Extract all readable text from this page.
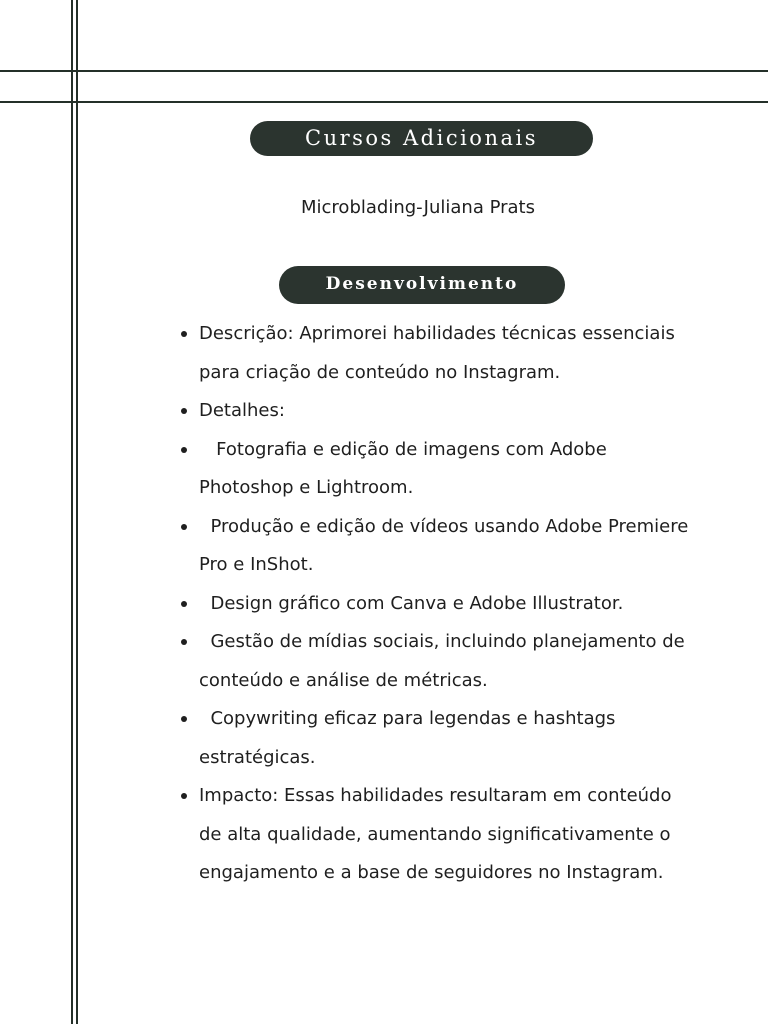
Cursos Adicionais
Microblading-Juliana Prats
Desenvolvimento
Descrição: Aprimorei habilidades técnicas essenciais para criação de conteúdo no Instagram.
Detalhes:
Fotografia e edição de imagens com Adobe Photoshop e Lightroom.
Produção e edição de vídeos usando Adobe Premiere Pro e InShot.
Design gráfico com Canva e Adobe Illustrator.
Gestão de mídias sociais, incluindo planejamento de conteúdo e análise de métricas.
Copywriting eficaz para legendas e hashtags estratégicas.
Impacto: Essas habilidades resultaram em conteúdo de alta qualidade, aumentando significativamente o engajamento e a base de seguidores no Instagram.
